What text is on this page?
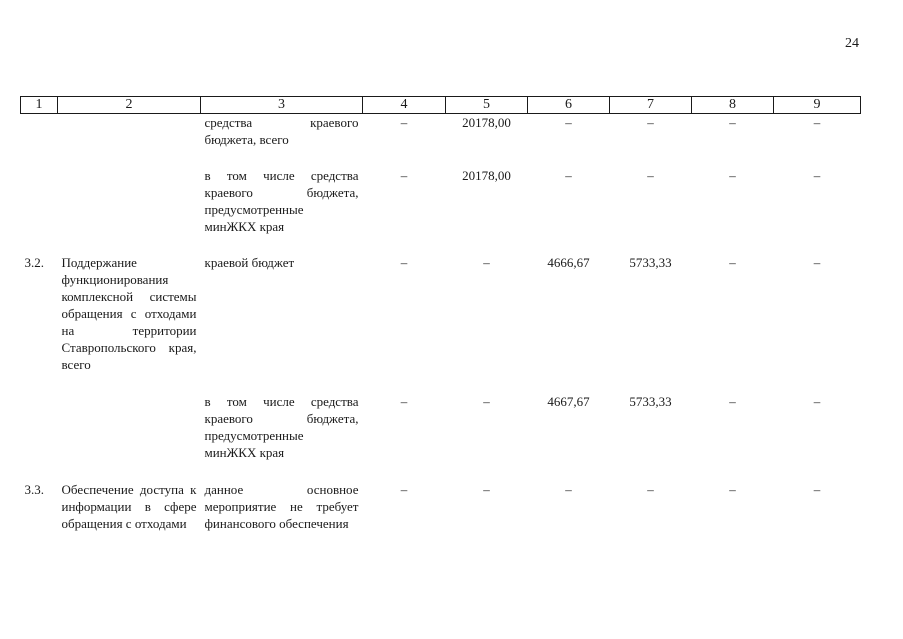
24
1	2	3	4	5	6	7	8	9
		средства краевого бюджета, всего	–	20178,00	–	–	–	–
		в том числе средства краевого бюджета, предусмотренные минЖКХ края	–	20178,00	–	–	–	–
3.2.	Поддержание функционирования комплексной системы обращения с отходами на территории Ставропольского края, всего	краевой бюджет	–	–	4666,67	5733,33	–	–
		в том числе средства краевого бюджета, предусмотренные минЖКХ края	–	–	4667,67	5733,33	–	–
3.3.	Обеспечение доступа к информации в сфере обращения с отходами	данное основное мероприятие не требует финансового обеспечения	–	–	–	–	–	–
